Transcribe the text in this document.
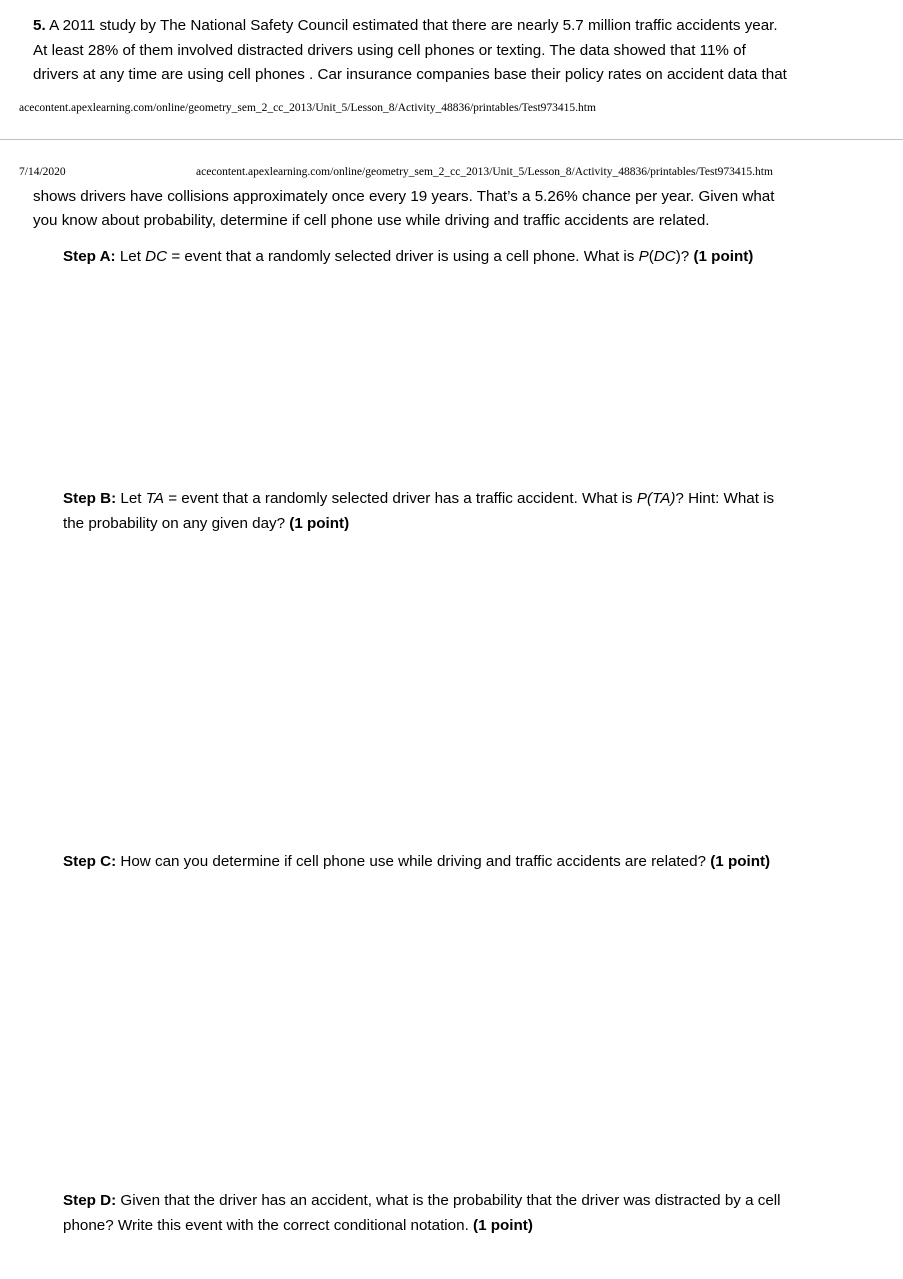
5. A 2011 study by The National Safety Council estimated that there are nearly 5.7 million traffic accidents year.

At least 28% of them involved distracted drivers using cell phones or texting. The data showed that 11% of

drivers at any time are using cell phones . Car insurance companies base their policy rates on accident data that

acecontent.apexlearning.com/online/geometry_sem_2_cc_2013/Unit_5/Lesson_8/Activity_48836/printables/Test973415.htm

7/14/2020	acecontent.apexlearning.com/online/geometry_sem_2_cc_2013/Unit_5/Lesson_8/Activity_48836/printables/Test973415.htm

shows drivers have collisions approximately once every 19 years. That’s a 5.26% chance per year. Given what

you know about probability, determine if cell phone use while driving and traffic accidents are related.

Step A: Let DC = event that a randomly selected driver is using a cell phone. What is P(DC)? (1 point)

Step B: Let TA = event that a randomly selected driver has a traffic accident. What is P(TA)? Hint: What is

the probability on any given day? (1 point)

Step C: How can you determine if cell phone use while driving and traffic accidents are related? (1 point)

Step D: Given that the driver has an accident, what is the probability that the driver was distracted by a cell

phone? Write this event with the correct conditional notation. (1 point)
